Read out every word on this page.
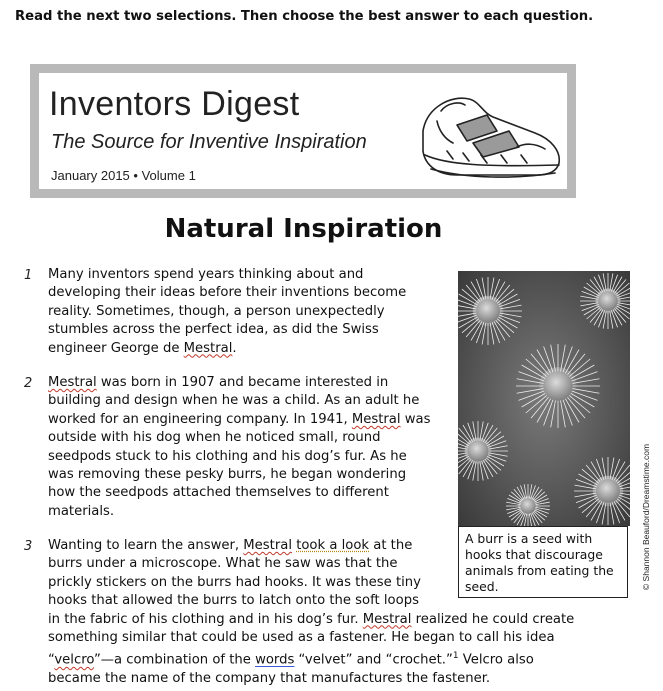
Read the next two selections. Then choose the best answer to each question.
Inventors Digest
The Source for Inventive Inspiration
January 2015 • Volume 1
Natural Inspiration
1 Many inventors spend years thinking about and
developing their ideas before their inventions become
reality. Sometimes, though, a person unexpectedly
stumbles across the perfect idea, as did the Swiss
engineer George de Mestral.
2 Mestral was born in 1907 and became interested in
building and design when he was a child. As an adult he
worked for an engineering company. In 1941, Mestral was
outside with his dog when he noticed small, round
seedpods stuck to his clothing and his dog’s fur. As he
was removing these pesky burrs, he began wondering
how the seedpods attached themselves to different
materials.
3 Wanting to learn the answer, Mestral took a look at the
burrs under a microscope. What he saw was that the
prickly stickers on the burrs had hooks. It was these tiny
hooks that allowed the burrs to latch onto the soft loops
in the fabric of his clothing and in his dog’s fur. Mestral realized he could create
something similar that could be used as a fastener. He began to call his idea
“velcro”—a combination of the words “velvet” and “crochet.”$^1$ Velcro also
became the name of the company that manufactures the fastener.
A burr is a seed with hooks that discourage animals from eating the seed.	© Shannon Beauford/Dreamstime.com
